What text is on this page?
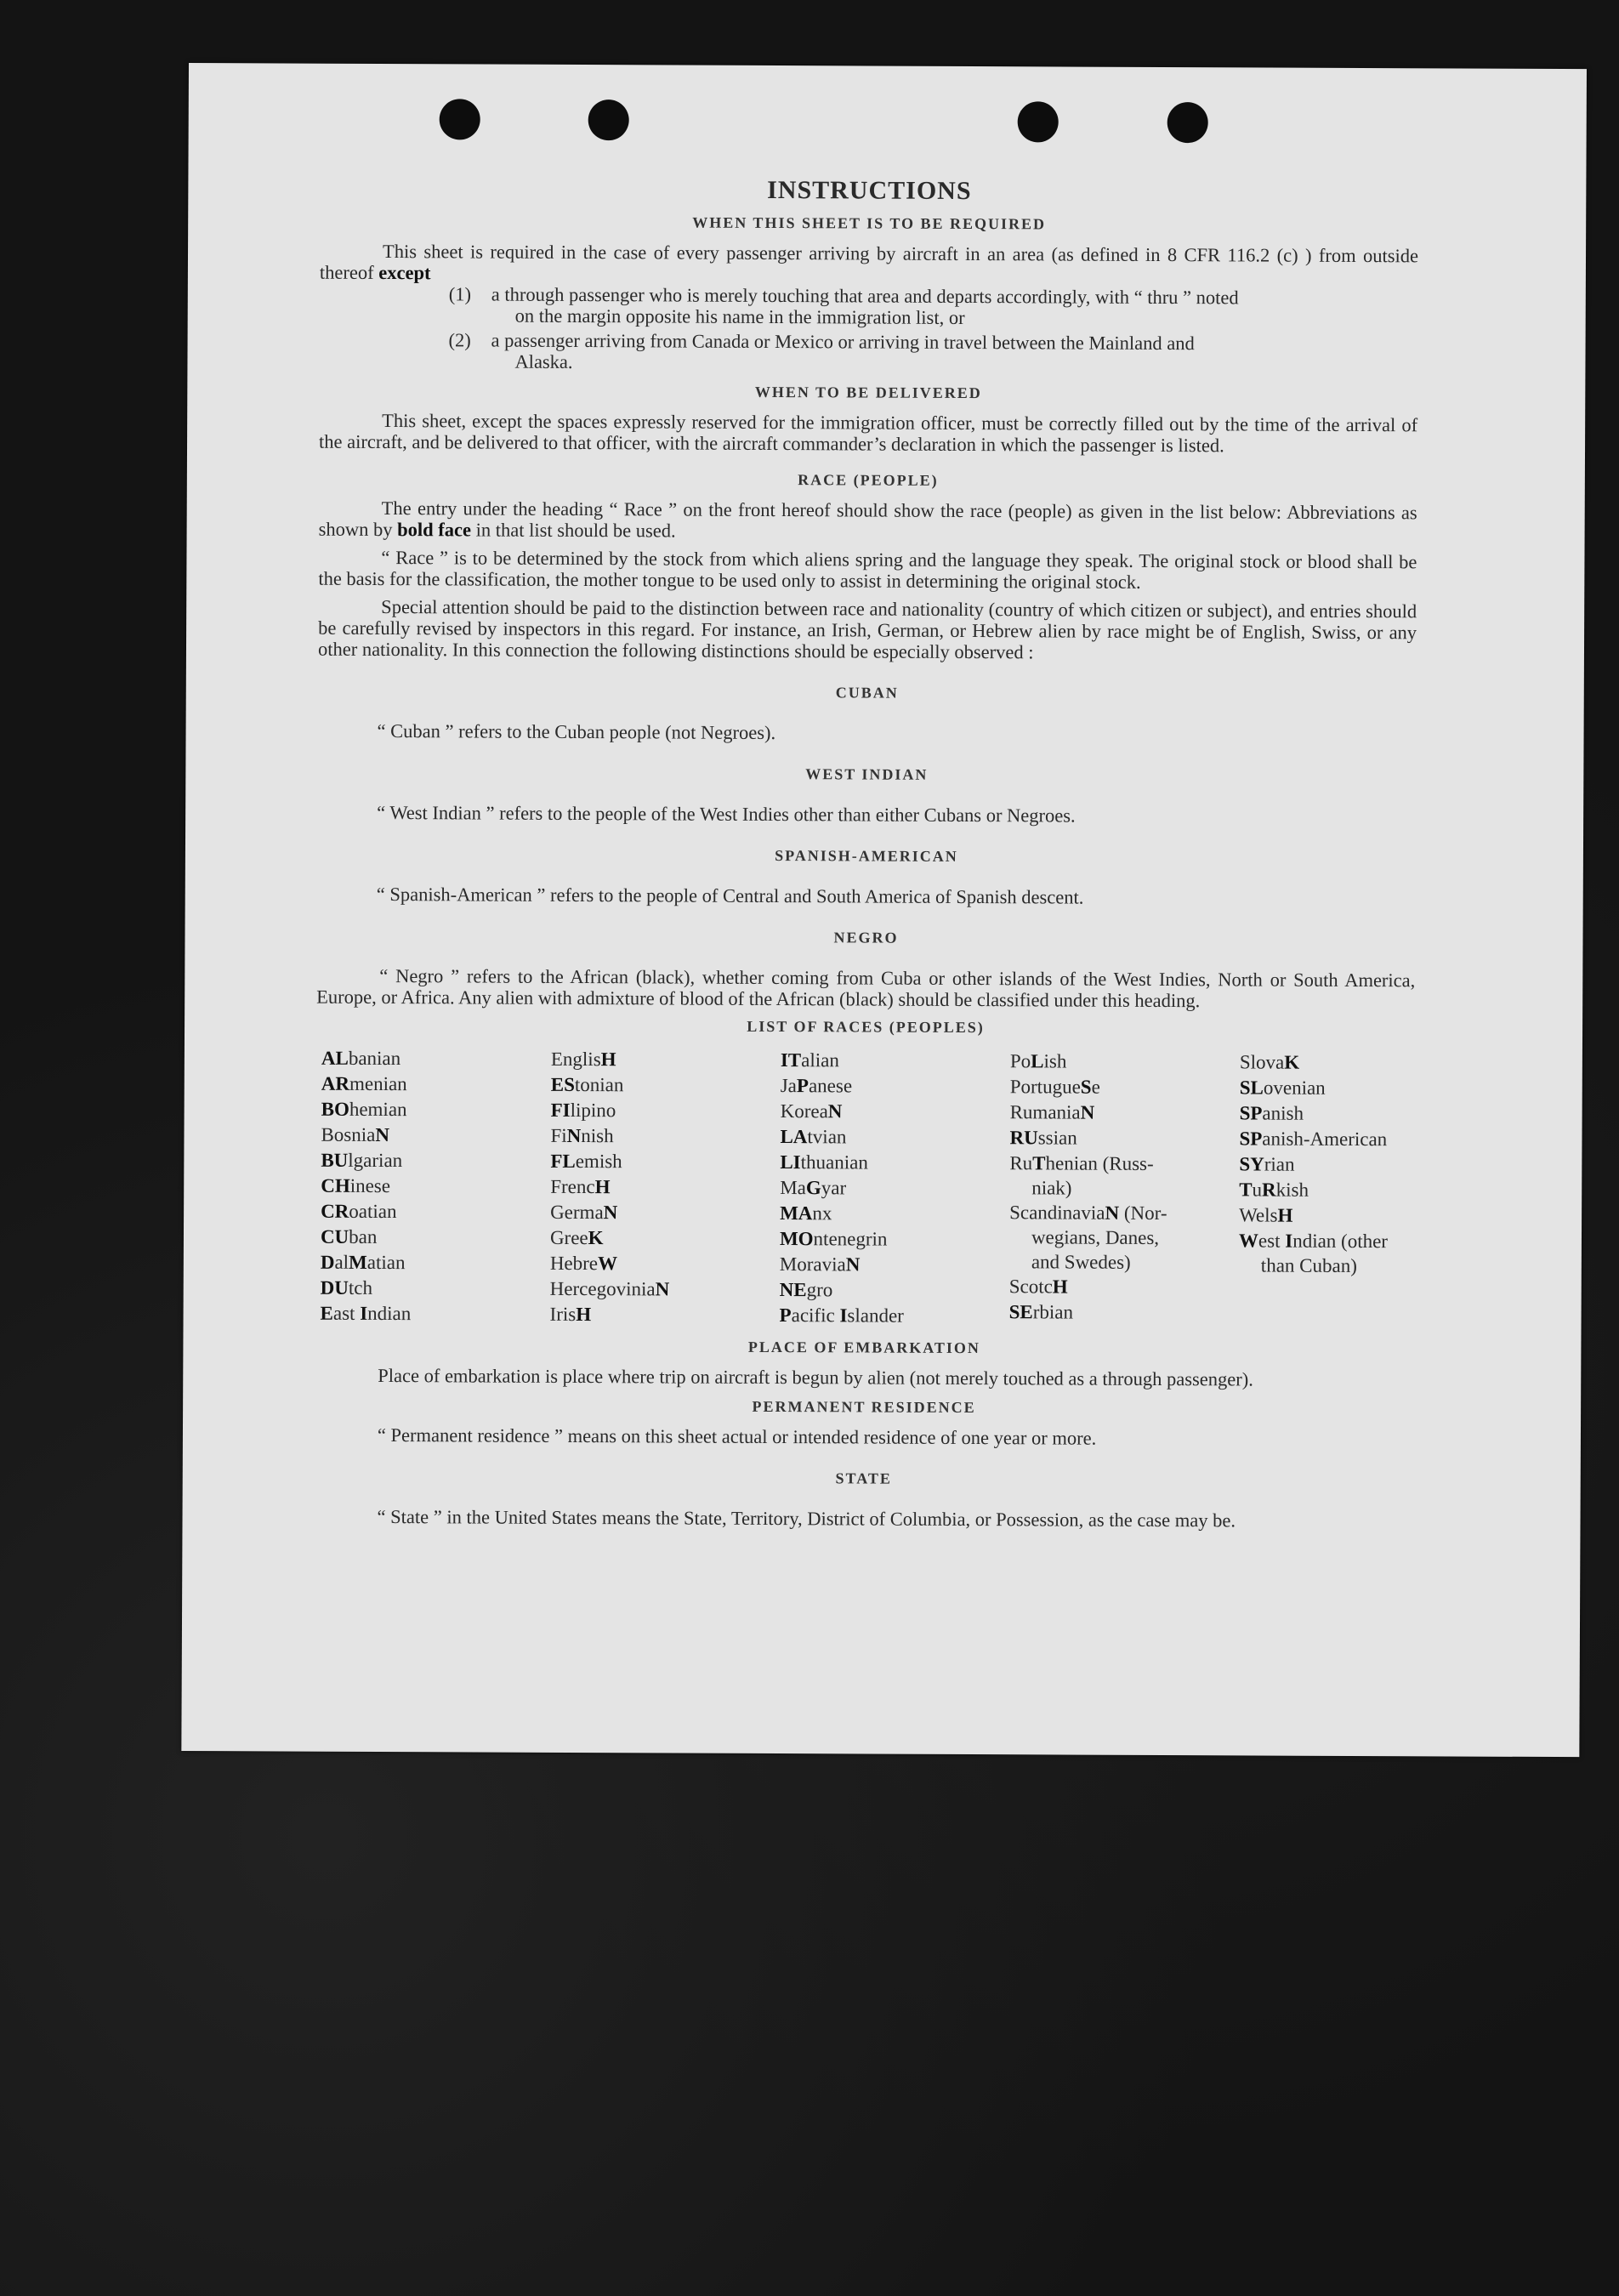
INSTRUCTIONS
WHEN THIS SHEET IS TO BE REQUIRED

This sheet is required in the case of every passenger arriving by aircraft in an area (as defined in 8 CFR 116.2 (c) ) from outside thereof except

(1)	a through passenger who is merely touching that area and departs accordingly, with “ thru ” noted
on the margin opposite his name in the immigration list, or
(2)	a passenger arriving from Canada or Mexico or arriving in travel between the Mainland and
Alaska.
WHEN TO BE DELIVERED

This sheet, except the spaces expressly reserved for the immigration officer, must be correctly filled out by the time of the arrival of the aircraft, and be delivered to that officer, with the aircraft commander’s declaration in which the passenger is listed.

RACE (PEOPLE)

The entry under the heading “ Race ” on the front hereof should show the race (people) as given in the list below: Abbreviations as shown by bold face in that list should be used.

“ Race ” is to be determined by the stock from which aliens spring and the language they speak. The original stock or blood shall be the basis for the classification, the mother tongue to be used only to assist in determining the original stock.

Special attention should be paid to the distinction between race and nationality (country of which citizen or subject), and entries should be carefully revised by inspectors in this regard. For instance, an Irish, German, or Hebrew alien by race might be of English, Swiss, or any other nationality. In this connection the following distinctions should be especially observed :

CUBAN

“ Cuban ” refers to the Cuban people (not Negroes).

WEST INDIAN

“ West Indian ” refers to the people of the West Indies other than either Cubans or Negroes.

SPANISH-AMERICAN

“ Spanish-American ” refers to the people of Central and South America of Spanish descent.

NEGRO

“ Negro ” refers to the African (black), whether coming from Cuba or other islands of the West Indies, North or South America, Europe, or Africa. Any alien with admixture of blood of the African (black) should be classified under this heading.

LIST OF RACES (PEOPLES)
ALbanian
ARmenian
BOhemian
BosniaN
BUlgarian
CHinese
CRoatian
CUban
DalMatian
DUtch
East Indian
EnglisH
EStonian
FIlipino
FiNnish
FLemish
FrencH
GermaN
GreeK
HebreW
HercegoviniaN
IrisH
ITalian
JaPanese
KoreaN
LAtvian
LIthuanian
MaGyar
MAnx
MOntenegrin
MoraviaN
NEgro
Pacific Islander
PoLish
PortugueSe
RumaniaN
RUssian
RuThenian (Russ-
niak)
ScandinaviaN (Nor-
wegians, Danes,
and Swedes)
ScotcH
SErbian
SlovaK
SLovenian
SPanish
SPanish-American
SYrian
TuRkish
WelsH
West Indian (other
than Cuban)
PLACE OF EMBARKATION

Place of embarkation is place where trip on aircraft is begun by alien (not merely touched as a through passenger).

PERMANENT RESIDENCE

“ Permanent residence ” means on this sheet actual or intended residence of one year or more.

STATE

“ State ” in the United States means the State, Territory, District of Columbia, or Possession, as the case may be.
